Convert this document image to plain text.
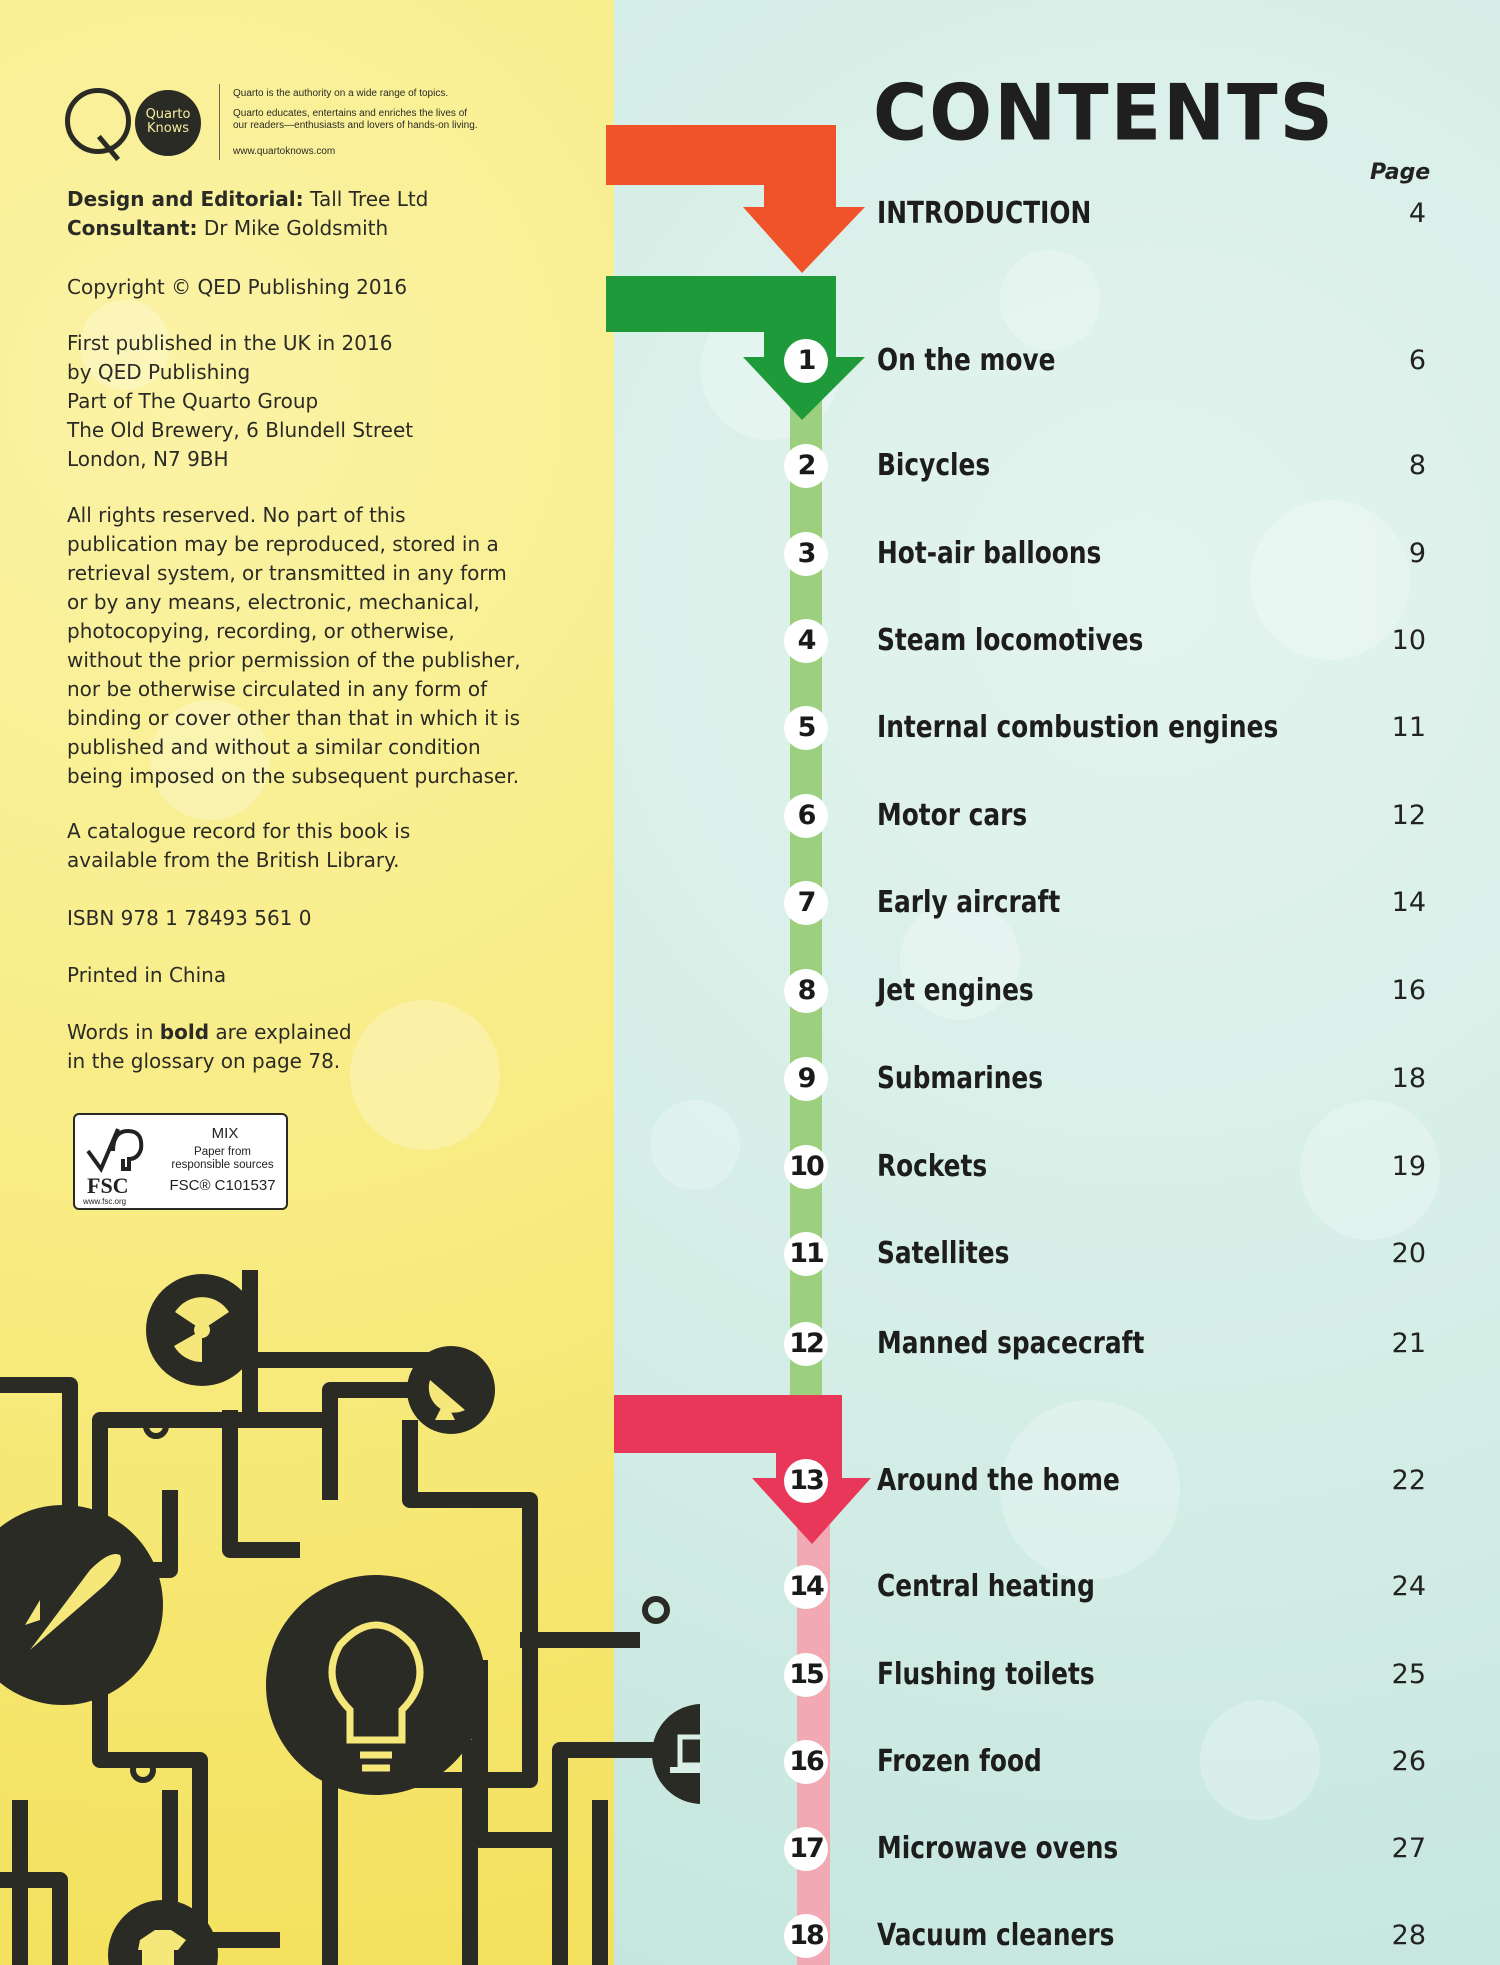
Quarto
Knows
Quarto is the authority on a wide range of topics.
Quarto educates, entertains and enriches the lives of
our readers—enthusiasts and lovers of hands-on living.
www.quartoknows.com
Design and Editorial: Tall Tree Ltd
Consultant: Dr Mike Goldsmith
Copyright © QED Publishing 2016
First published in the UK in 2016
by QED Publishing
Part of The Quarto Group
The Old Brewery, 6 Blundell Street
London, N7 9BH
All rights reserved. No part of this publication may be reproduced, stored in a retrieval system, or transmitted in any form or by any means, electronic, mechanical, photocopying, recording, or otherwise, without the prior permission of the publisher, nor be otherwise circulated in any form of binding or cover other than that in which it is published and without a similar condition being imposed on the subsequent purchaser.
A catalogue record for this book is available from the British Library.
ISBN 978 1 78493 561 0
Printed in China
Words in bold are explained in the glossary on page 78.
FSC
www.fsc.org
MIX
Paper from
responsible sources
FSC® C101537
CONTENTS
Page
INTRODUCTION	4
1	On the move	6
2	Bicycles	8
3	Hot-air balloons	9
4	Steam locomotives	10
5	Internal combustion engines	11
6	Motor cars	12
7	Early aircraft	14
8	Jet engines	16
9	Submarines	18
10 Rockets	19
11 Satellites	20
12 Manned spacecraft	21
13 Around the home	22
14 Central heating	24
15 Flushing toilets	25
16 Frozen food	26
17 Microwave ovens	27
18 Vacuum cleaners	28
